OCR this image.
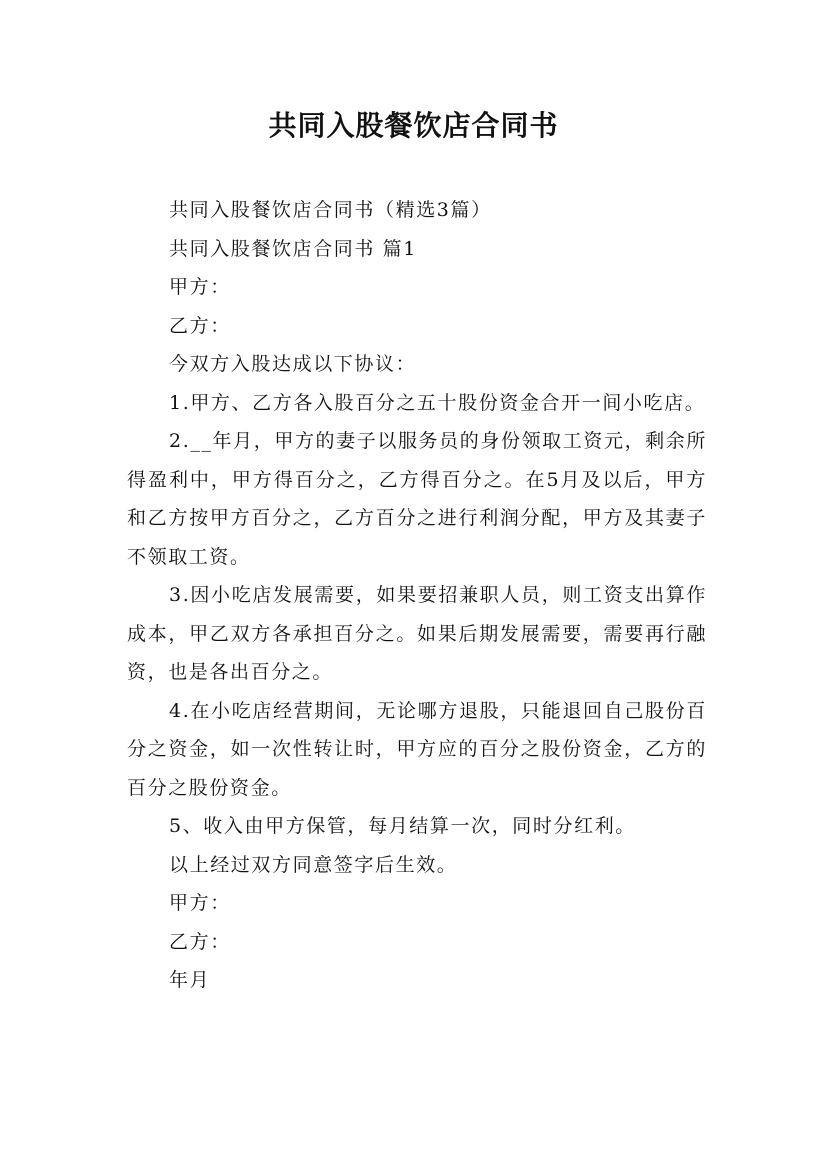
共同入股餐饮店合同书

共同入股餐饮店合同书（精选3篇）

共同入股餐饮店合同书 篇1

甲方：

乙方：

今双方入股达成以下协议：

1.甲方、乙方各入股百分之五十股份资金合开一间小吃店。

2.__年月，甲方的妻子以服务员的身份领取工资元，剩余所得盈利中，甲方得百分之，乙方得百分之。在5月及以后，甲方和乙方按甲方百分之，乙方百分之进行利润分配，甲方及其妻子不领取工资。

3.因小吃店发展需要，如果要招兼职人员，则工资支出算作成本，甲乙双方各承担百分之。如果后期发展需要，需要再行融资，也是各出百分之。

4.在小吃店经营期间，无论哪方退股，只能退回自己股份百分之资金，如一次性转让时，甲方应的百分之股份资金，乙方的百分之股份资金。

5、收入由甲方保管，每月结算一次，同时分红利。

以上经过双方同意签字后生效。

甲方：

乙方：

年月
